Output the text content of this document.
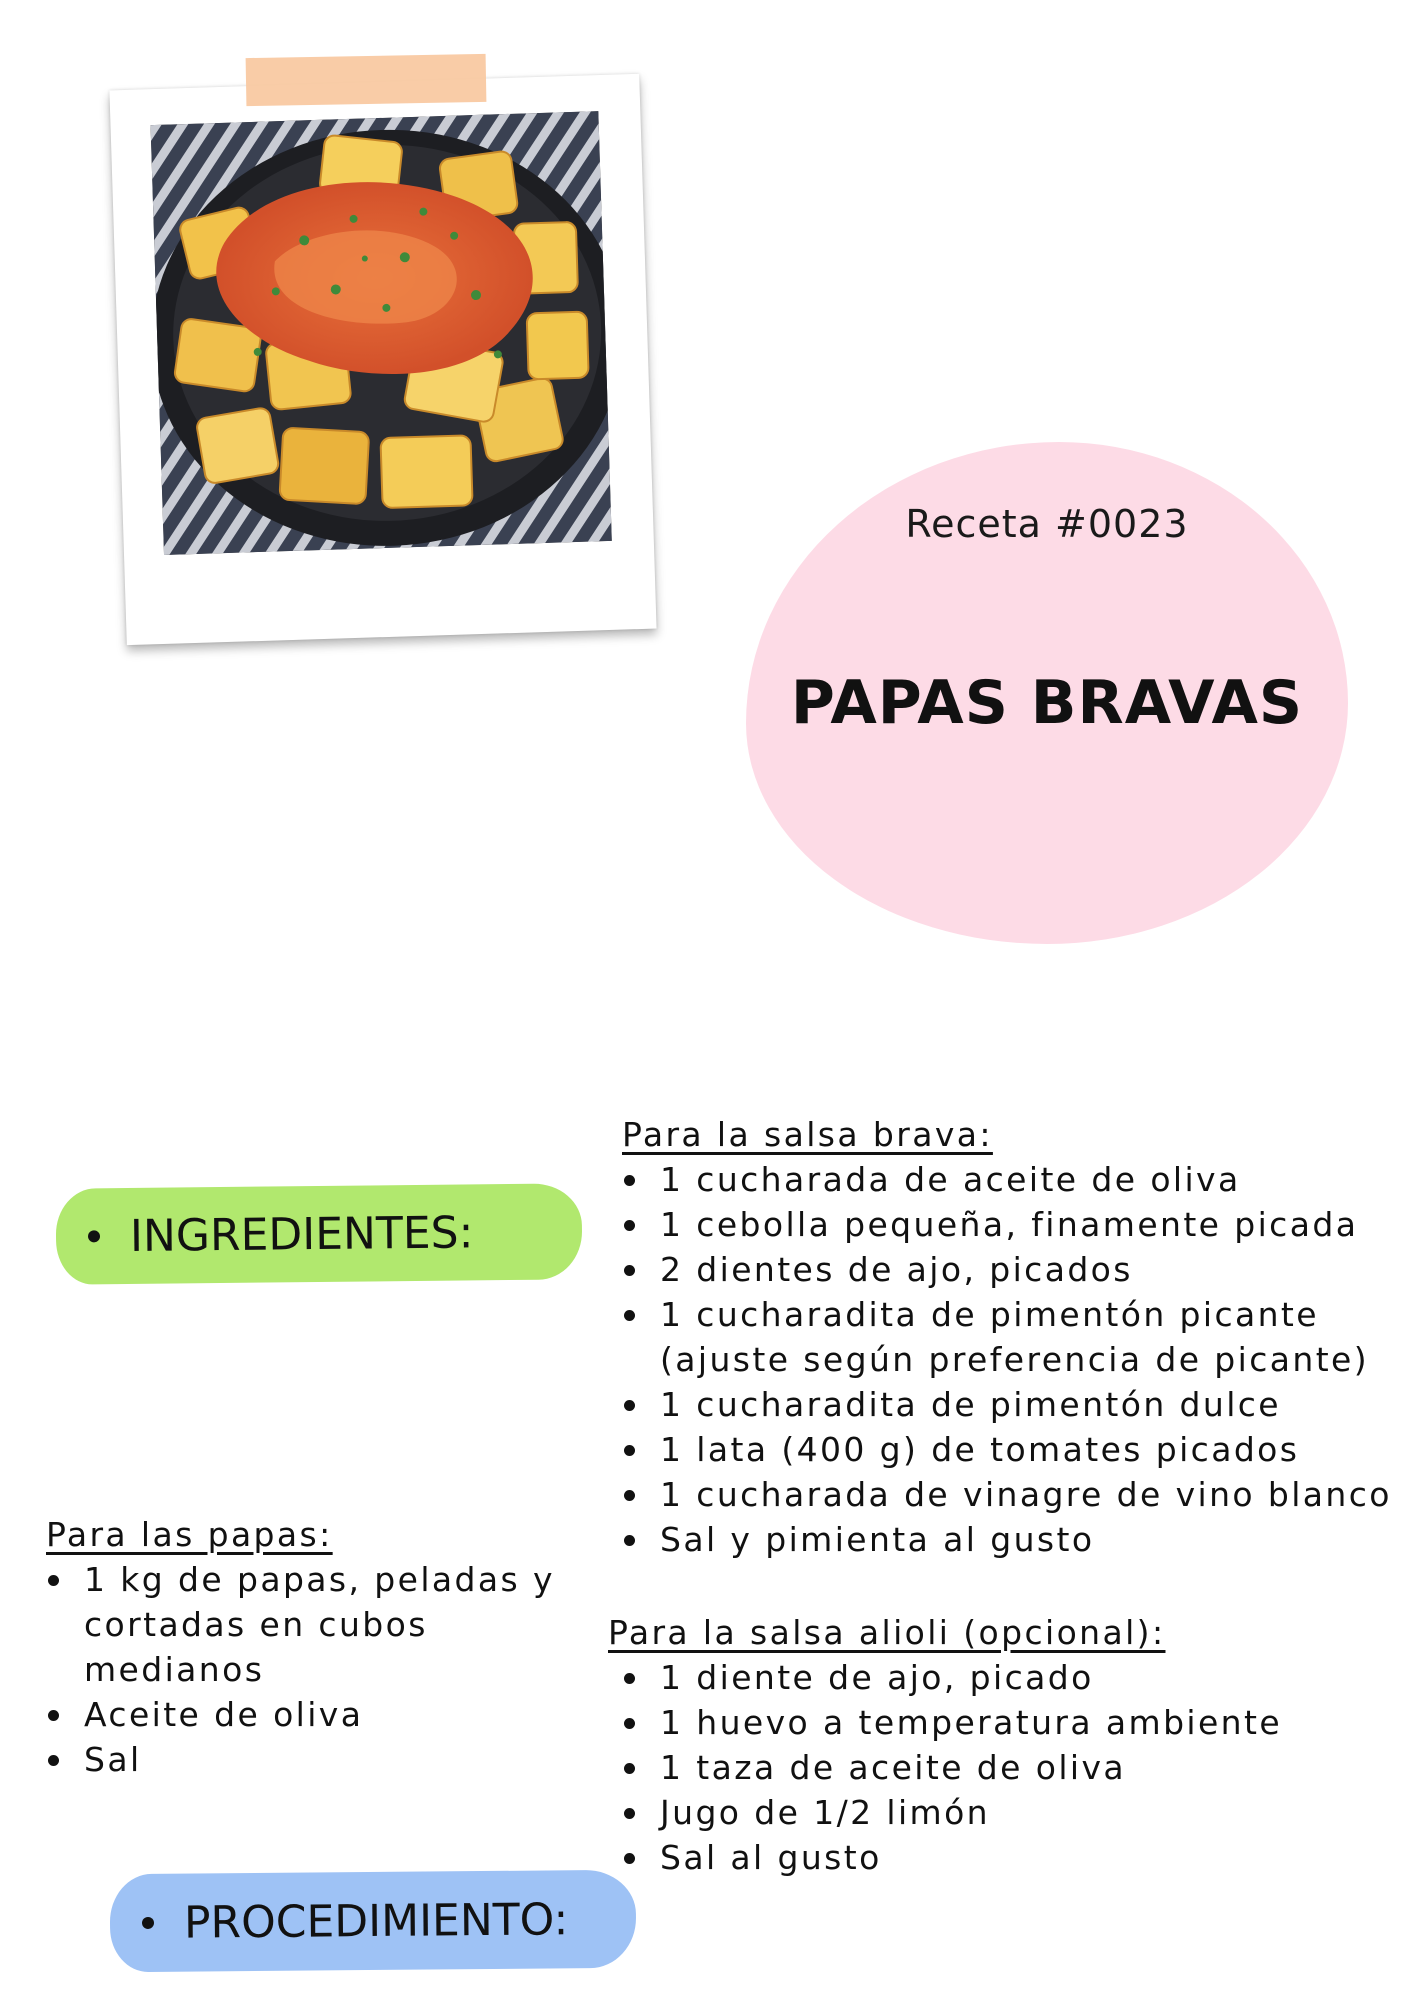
Receta #0023
PAPAS BRAVAS
INGREDIENTES:
PROCEDIMIENTO:
Para las papas:
1 kg de papas, peladas y cortadas en cubos medianos
Aceite de oliva
Sal
Para la salsa brava:
1 cucharada de aceite de oliva
1 cebolla pequeña, finamente picada
2 dientes de ajo, picados
1 cucharadita de pimentón picante (ajuste según preferencia de picante)
1 cucharadita de pimentón dulce
1 lata (400 g) de tomates picados
1 cucharada de vinagre de vino blanco
Sal y pimienta al gusto
Para la salsa alioli (opcional):
1 diente de ajo, picado
1 huevo a temperatura ambiente
1 taza de aceite de oliva
Jugo de 1/2 limón
Sal al gusto
